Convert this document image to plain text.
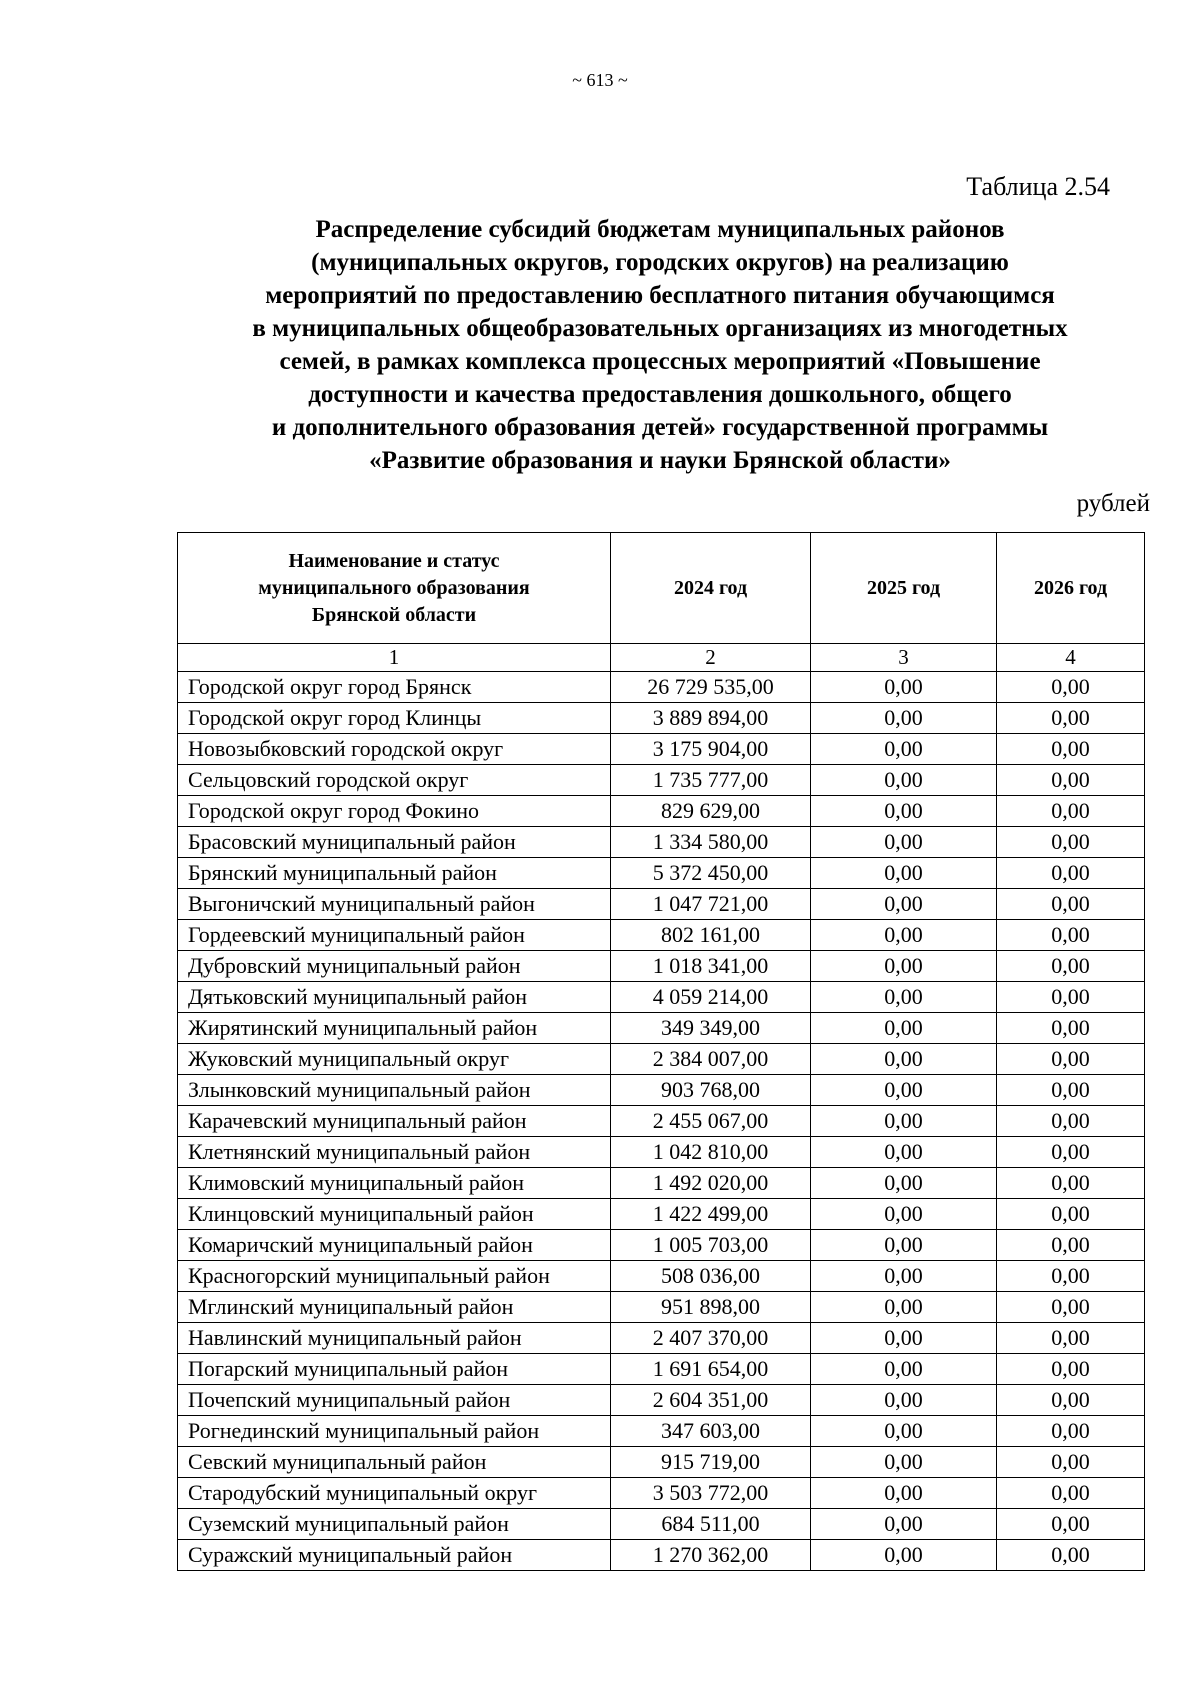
~ 613 ~
Таблица 2.54
Распределение субсидий бюджетам муниципальных районов
(муниципальных округов, городских округов) на реализацию
мероприятий по предоставлению бесплатного питания обучающимся
в муниципальных общеобразовательных организациях из многодетных
семей, в рамках комплекса процессных мероприятий «Повышение
доступности и качества предоставления дошкольного, общего
и дополнительного образования детей» государственной программы
«Развитие образования и науки Брянской области»
рублей
Наименование и статус
муниципального образования
Брянской области	2024 год	2025 год	2026 год
1	2	3	4
Городской округ город Брянск	26 729 535,00	0,00	0,00
Городской округ город Клинцы	3 889 894,00	0,00	0,00
Новозыбковский городской округ	3 175 904,00	0,00	0,00
Сельцовский городской округ	1 735 777,00	0,00	0,00
Городской округ город Фокино	829 629,00	0,00	0,00
Брасовский муниципальный район	1 334 580,00	0,00	0,00
Брянский муниципальный район	5 372 450,00	0,00	0,00
Выгоничский муниципальный район	1 047 721,00	0,00	0,00
Гордеевский муниципальный район	802 161,00	0,00	0,00
Дубровский муниципальный район	1 018 341,00	0,00	0,00
Дятьковский муниципальный район	4 059 214,00	0,00	0,00
Жирятинский муниципальный район	349 349,00	0,00	0,00
Жуковский муниципальный округ	2 384 007,00	0,00	0,00
Злынковский муниципальный район	903 768,00	0,00	0,00
Карачевский муниципальный район	2 455 067,00	0,00	0,00
Клетнянский муниципальный район	1 042 810,00	0,00	0,00
Климовский муниципальный район	1 492 020,00	0,00	0,00
Клинцовский муниципальный район	1 422 499,00	0,00	0,00
Комаричский муниципальный район	1 005 703,00	0,00	0,00
Красногорский муниципальный район	508 036,00	0,00	0,00
Мглинский муниципальный район	951 898,00	0,00	0,00
Навлинский муниципальный район	2 407 370,00	0,00	0,00
Погарский муниципальный район	1 691 654,00	0,00	0,00
Почепский муниципальный район	2 604 351,00	0,00	0,00
Рогнединский муниципальный район	347 603,00	0,00	0,00
Севский муниципальный район	915 719,00	0,00	0,00
Стародубский муниципальный округ	3 503 772,00	0,00	0,00
Суземский муниципальный район	684 511,00	0,00	0,00
Суражский муниципальный район	1 270 362,00	0,00	0,00
